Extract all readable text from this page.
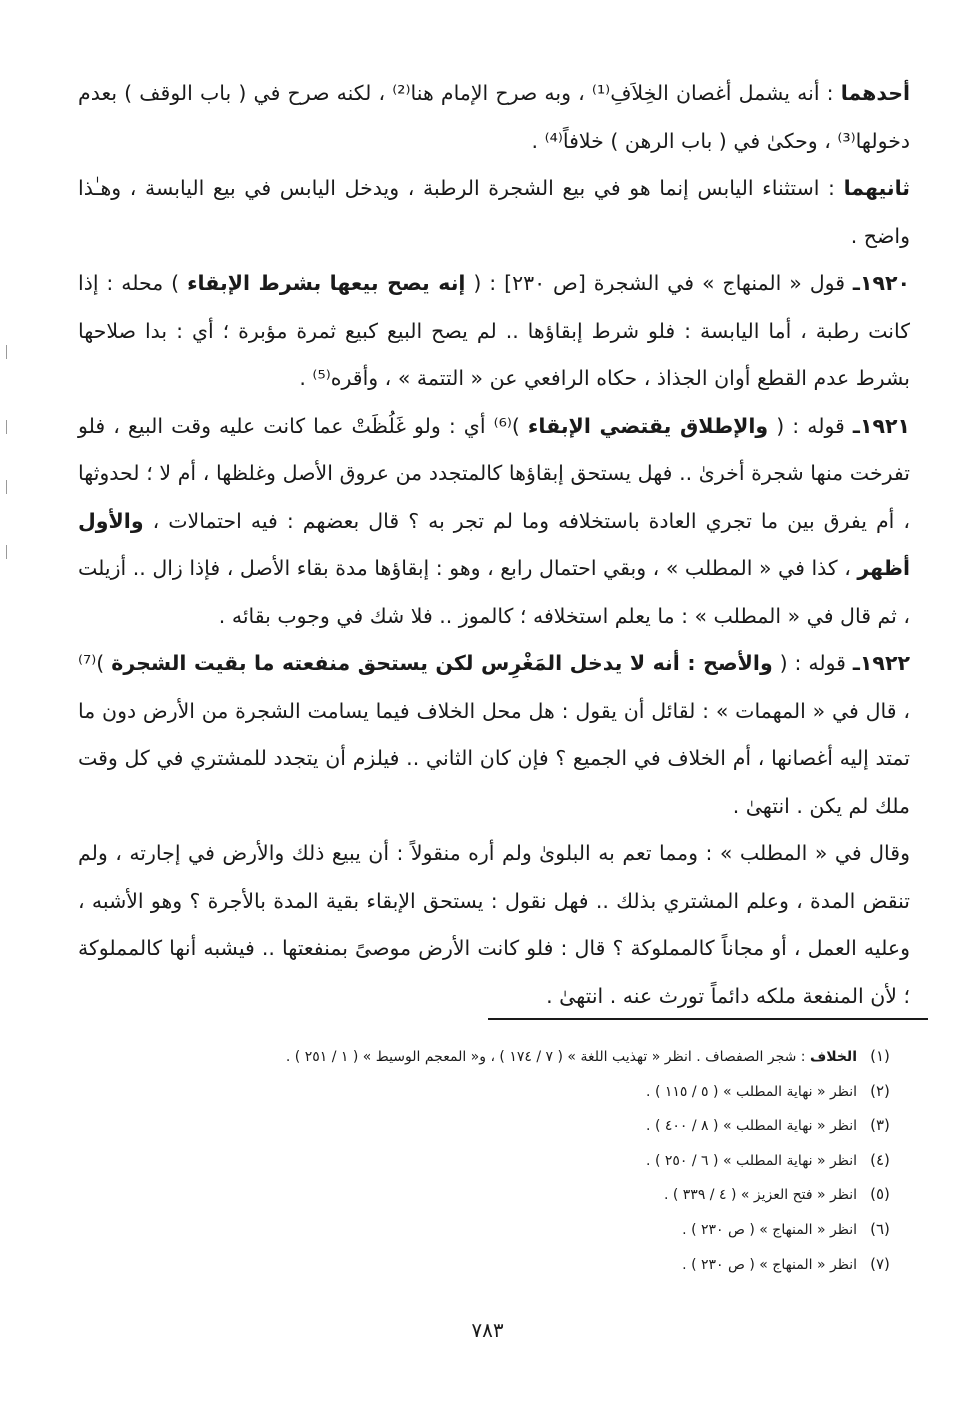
أحدهما : أنه يشمل أغصان الخِلاَفِ⁽¹⁾ ، وبه صرح الإمام هنا⁽²⁾ ، لكنه صرح في ( باب الوقف ) بعدم دخولها⁽³⁾ ، وحكىٰ في ( باب الرهن ) خلافاً⁽⁴⁾ .

ثانيهما : استثناء اليابس إنما هو في بيع الشجرة الرطبة ، ويدخل اليابس في بيع اليابسة ، وهـٰذا واضح .

١٩٢٠ـ قول « المنهاج » في الشجرة [ص ٢٣٠] : ( إنه يصح بيعها بشرط الإبقاء ) محله : إذا كانت رطبة ، أما اليابسة : فلو شرط إبقاؤها .. لم يصح البيع كبيع ثمرة مؤبرة ؛ أي : بدا صلاحها بشرط عدم القطع أوان الجذاذ ، حكاه الرافعي عن « التتمة » ، وأقره⁽⁵⁾ .

١٩٢١ـ قوله : ( والإطلاق يقتضي الإبقاء )⁽⁶⁾ أي : ولو غَلُظَتْ عما كانت عليه وقت البيع ، فلو تفرخت منها شجرة أخرىٰ .. فهل يستحق إبقاؤها كالمتجدد من عروق الأصل وغلظها ، أم لا ؛ لحدوثها ، أم يفرق بين ما تجري العادة باستخلافه وما لم تجر به ؟ قال بعضهم : فيه احتمالات ، والأول أظهر ، كذا في « المطلب » ، وبقي احتمال رابع ، وهو : إبقاؤها مدة بقاء الأصل ، فإذا زال .. أزيلت ، ثم قال في « المطلب » : ما يعلم استخلافه ؛ كالموز .. فلا شك في وجوب بقائه .

١٩٢٢ـ قوله : ( والأصح : أنه لا يدخل المَغْرِس لكن يستحق منفعته ما بقيت الشجرة )⁽⁷⁾ ، قال في « المهمات » : لقائل أن يقول : هل محل الخلاف فيما يسامت الشجرة من الأرض دون ما تمتد إليه أغصانها ، أم الخلاف في الجميع ؟ فإن كان الثاني .. فيلزم أن يتجدد للمشتري في كل وقت ملك لم يكن . انتهىٰ .

وقال في « المطلب » : ومما تعم به البلوىٰ ولم أره منقولاً : أن يبيع ذلك والأرض في إجارته ، ولم تنقض المدة ، وعلم المشتري بذلك .. فهل نقول : يستحق الإبقاء بقية المدة بالأجرة ؟ وهو الأشبه ، وعليه العمل ، أو مجاناً كالمملوكة ؟ قال : فلو كانت الأرض موصىً بمنفعتها .. فيشبه أنها كالمملوكة ؛ لأن المنفعة ملكه دائماً تورث عنه . انتهىٰ .

(١)
الخلاف : شجر الصفصاف . انظر « تهذيب اللغة » ( ٧ / ١٧٤ ) ، و« المعجم الوسيط » ( ١ / ٢٥١ ) .
(٢)
انظر « نهاية المطلب » ( ٥ / ١١٥ ) .
(٣)
انظر « نهاية المطلب » ( ٨ / ٤٠٠ ) .
(٤)
انظر « نهاية المطلب » ( ٦ / ٢٥٠ ) .
(٥)
انظر « فتح العزيز » ( ٤ / ٣٣٩ ) .
(٦)
انظر « المنهاج » ( ص ٢٣٠ ) .
(٧)
انظر « المنهاج » ( ص ٢٣٠ ) .
٧٨٣
